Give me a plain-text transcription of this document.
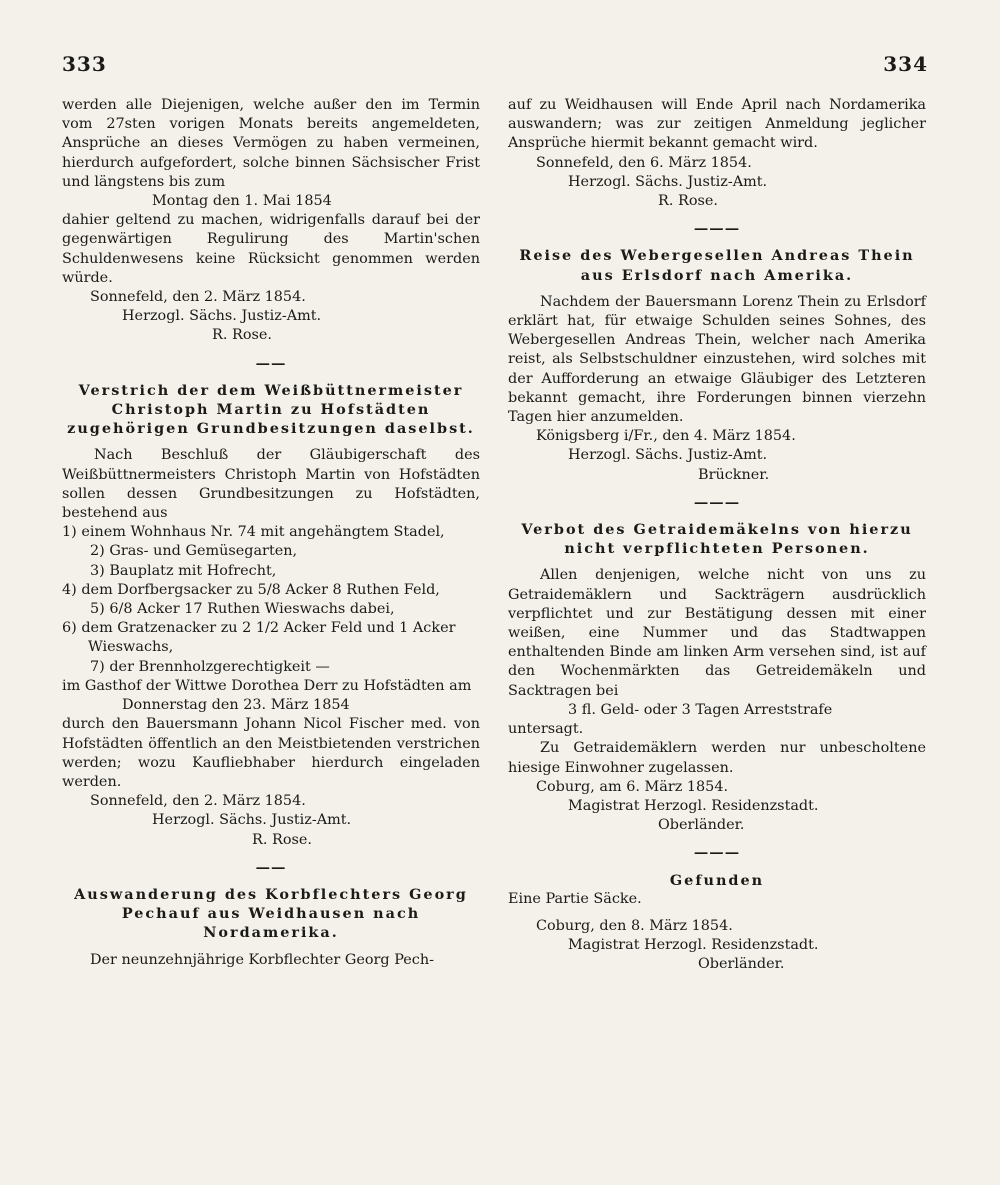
333	334

werden alle Diejenigen, welche außer den im Termin vom 27sten vorigen Monats bereits angemeldeten, Ansprüche an dieses Vermögen zu haben vermeinen, hierdurch aufgefordert, solche binnen Sächsischer Frist und längstens bis zum

Montag den 1. Mai 1854

dahier geltend zu machen, widrigenfalls darauf bei der gegenwärtigen Regulirung des Martin'schen Schuldenwesens keine Rücksicht genommen werden würde.

Sonnefeld, den 2. März 1854.

Herzogl. Sächs. Justiz-Amt.

R. Rose.

——

Verstrich der dem Weißbüttnermeister Christoph Martin zu Hofstädten zugehörigen Grundbesitzungen daselbst.

Nach Beschluß der Gläubigerschaft des Weißbüttnermeisters Christoph Martin von Hofstädten sollen dessen Grundbesitzungen zu Hofstädten, bestehend aus

1) einem Wohnhaus Nr. 74 mit angehängtem Stadel,

2) Gras- und Gemüsegarten,

3) Bauplatz mit Hofrecht,

4) dem Dorfbergsacker zu 5/8 Acker 8 Ruthen Feld,

5) 6/8 Acker 17 Ruthen Wieswachs dabei,

6) dem Gratzenacker zu 2 1/2 Acker Feld und 1 Acker Wieswachs,

7) der Brennholzgerechtigkeit —

im Gasthof der Wittwe Dorothea Derr zu Hofstädten am

Donnerstag den 23. März 1854

durch den Bauersmann Johann Nicol Fischer med. von Hofstädten öffentlich an den Meistbietenden verstrichen werden; wozu Kaufliebhaber hierdurch eingeladen werden.

Sonnefeld, den 2. März 1854.

Herzogl. Sächs. Justiz-Amt.

R. Rose.

——

Auswanderung des Korbflechters Georg Pechauf aus Weidhausen nach Nordamerika.

Der neunzehnjährige Korbflechter Georg Pech-

auf zu Weidhausen will Ende April nach Nordamerika auswandern; was zur zeitigen Anmeldung jeglicher Ansprüche hiermit bekannt gemacht wird.

Sonnefeld, den 6. März 1854.

Herzogl. Sächs. Justiz-Amt.

R. Rose.

———

Reise des Webergesellen Andreas Thein aus Erlsdorf nach Amerika.

Nachdem der Bauersmann Lorenz Thein zu Erlsdorf erklärt hat, für etwaige Schulden seines Sohnes, des Webergesellen Andreas Thein, welcher nach Amerika reist, als Selbstschuldner einzustehen, wird solches mit der Aufforderung an etwaige Gläubiger des Letzteren bekannt gemacht, ihre Forderungen binnen vierzehn Tagen hier anzumelden.

Königsberg i/Fr., den 4. März 1854.

Herzogl. Sächs. Justiz-Amt.

Brückner.

———

Verbot des Getraidemäkelns von hierzu nicht verpflichteten Personen.

Allen denjenigen, welche nicht von uns zu Getraidemäklern und Sackträgern ausdrücklich verpflichtet und zur Bestätigung dessen mit einer weißen, eine Nummer und das Stadtwappen enthaltenden Binde am linken Arm versehen sind, ist auf den Wochenmärkten das Getreidemäkeln und Sacktragen bei

3 fl. Geld- oder 3 Tagen Arreststrafe

untersagt.

Zu Getraidemäklern werden nur unbescholtene hiesige Einwohner zugelassen.

Coburg, am 6. März 1854.

Magistrat Herzogl. Residenzstadt.

Oberländer.

———

Gefunden

Eine Partie Säcke.

Coburg, den 8. März 1854.

Magistrat Herzogl. Residenzstadt.

Oberländer.
